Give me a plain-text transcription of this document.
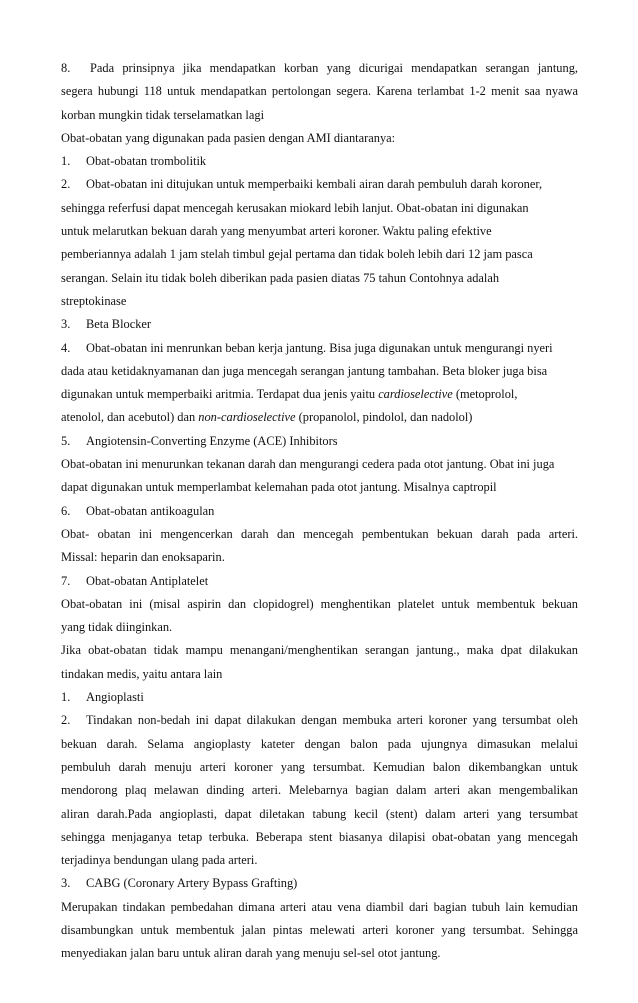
8. Pada prinsipnya jika mendapatkan korban yang dicurigai mendapatkan serangan jantung,
segera hubungi 118 untuk mendapatkan pertolongan segera. Karena terlambat 1-2 menit saa nyawa
korban mungkin tidak terselamatkan lagi
Obat-obatan yang digunakan pada pasien dengan AMI diantaranya:
1. Obat-obatan trombolitik
2. Obat-obatan ini ditujukan untuk memperbaiki kembali airan darah pembuluh darah koroner,
sehingga referfusi dapat mencegah kerusakan miokard lebih lanjut. Obat-obatan ini digunakan
untuk melarutkan bekuan darah yang menyumbat arteri koroner. Waktu paling efektive
pemberiannya adalah 1 jam stelah timbul gejal pertama dan tidak boleh lebih dari 12 jam pasca
serangan. Selain itu tidak boleh diberikan pada pasien diatas 75 tahun Contohnya adalah
streptokinase
3. Beta Blocker
4. Obat-obatan ini menrunkan beban kerja jantung. Bisa juga digunakan untuk mengurangi nyeri
dada atau ketidaknyamanan dan juga mencegah serangan jantung tambahan. Beta bloker juga bisa
digunakan untuk memperbaiki aritmia. Terdapat dua jenis yaitu cardioselective (metoprolol,
atenolol, dan acebutol) dan non-cardioselective (propanolol, pindolol, dan nadolol)
5. Angiotensin-Converting Enzyme (ACE) Inhibitors
Obat-obatan ini menurunkan tekanan darah dan mengurangi cedera pada otot jantung. Obat ini juga
dapat digunakan untuk memperlambat kelemahan pada otot jantung. Misalnya captropil
6. Obat-obatan antikoagulan
Obat- obatan ini mengencerkan darah dan mencegah pembentukan bekuan darah pada arteri.
Missal: heparin dan enoksaparin.
7. Obat-obatan Antiplatelet
Obat-obatan ini (misal aspirin dan clopidogrel) menghentikan platelet untuk membentuk bekuan
yang tidak diinginkan.
Jika obat-obatan tidak mampu menangani/menghentikan serangan jantung., maka dpat dilakukan
tindakan medis, yaitu antara lain
1. Angioplasti
2. Tindakan non-bedah ini dapat dilakukan dengan membuka arteri koroner yang tersumbat oleh
bekuan darah. Selama angioplasty kateter dengan balon pada ujungnya dimasukan melalui
pembuluh darah menuju arteri koroner yang tersumbat. Kemudian balon dikembangkan untuk
mendorong plaq melawan dinding arteri. Melebarnya bagian dalam arteri akan mengembalikan
aliran darah.Pada angioplasti, dapat diletakan tabung kecil (stent) dalam arteri yang tersumbat
sehingga menjaganya tetap terbuka. Beberapa stent biasanya dilapisi obat-obatan yang mencegah
terjadinya bendungan ulang pada arteri.
3. CABG (Coronary Artery Bypass Grafting)
Merupakan tindakan pembedahan dimana arteri atau vena diambil dari bagian tubuh lain kemudian
disambungkan untuk membentuk jalan pintas melewati arteri koroner yang tersumbat. Sehingga
menyediakan jalan baru untuk aliran darah yang menuju sel-sel otot jantung.
